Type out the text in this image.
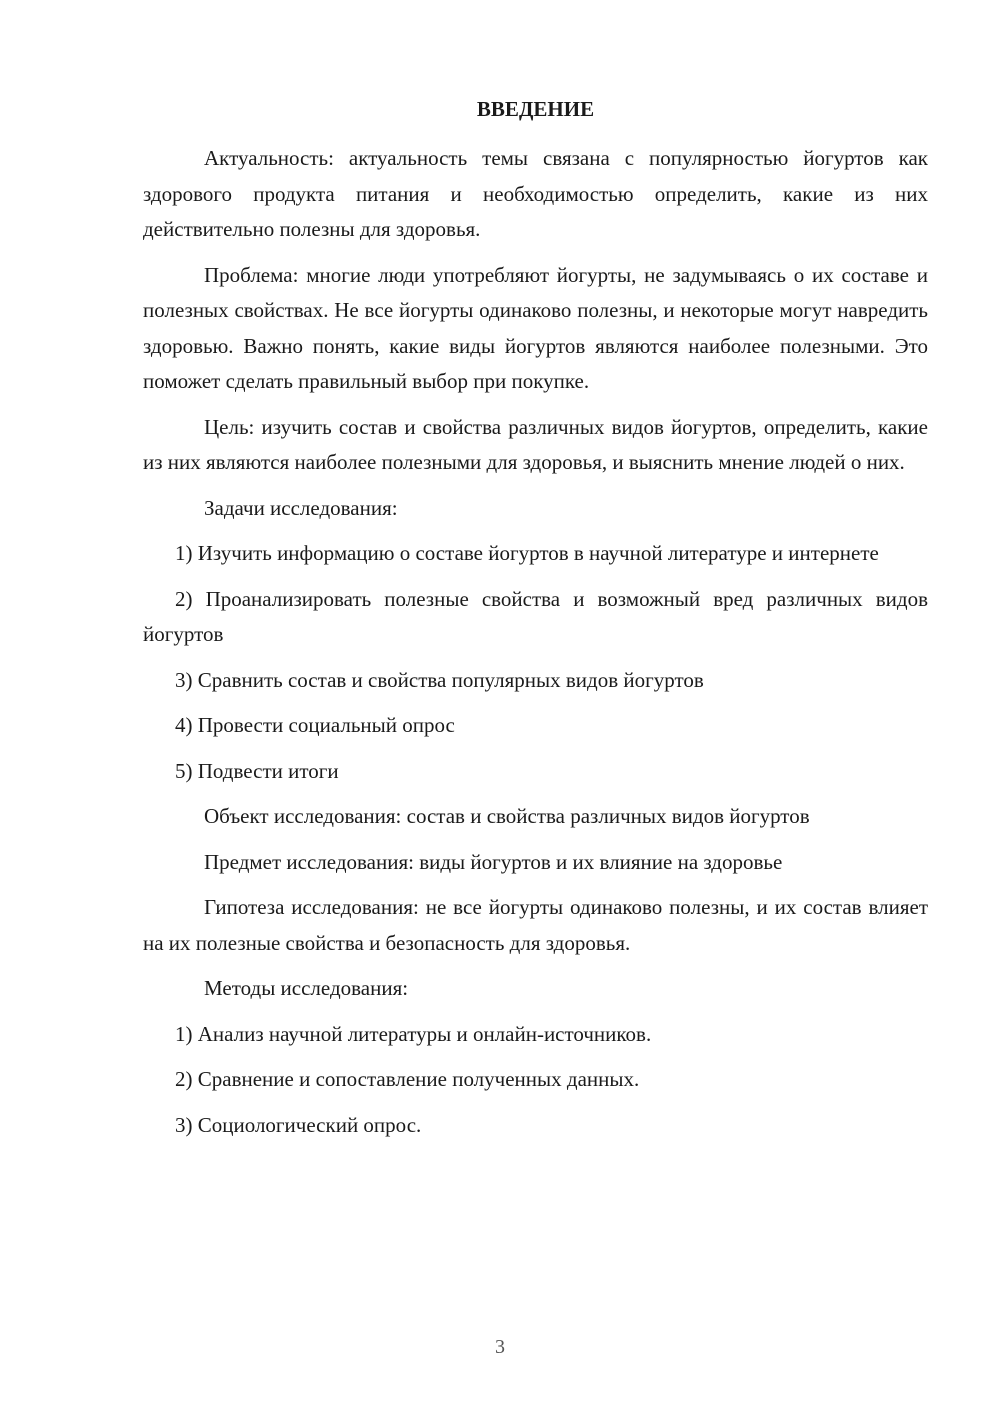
ВВЕДЕНИЕ

Актуальность: актуальность темы связана с популярностью йогуртов как здорового продукта питания и необходимостью определить, какие из них действительно полезны для здоровья.

Проблема: многие люди употребляют йогурты, не задумываясь о их составе и полезных свойствах. Не все йогурты одинаково полезны, и некоторые могут навредить здоровью. Важно понять, какие виды йогуртов являются наиболее полезными. Это поможет сделать правильный выбор при покупке.

Цель: изучить состав и свойства различных видов йогуртов, определить, какие из них являются наиболее полезными для здоровья, и выяснить мнение людей о них.

Задачи исследования:

1) Изучить информацию о составе йогуртов в научной литературе и интернете

2) Проанализировать полезные свойства и возможный вред различных видов йогуртов

3) Сравнить состав и свойства популярных видов йогуртов

4) Провести социальный опрос

5) Подвести итоги

Объект исследования: состав и свойства различных видов йогуртов

Предмет исследования: виды йогуртов и их влияние на здоровье

Гипотеза исследования: не все йогурты одинаково полезны, и их состав влияет на их полезные свойства и безопасность для здоровья.

Методы исследования:

1) Анализ научной литературы и онлайн-источников.

2) Сравнение и сопоставление полученных данных.

3) Социологический опрос.

3
